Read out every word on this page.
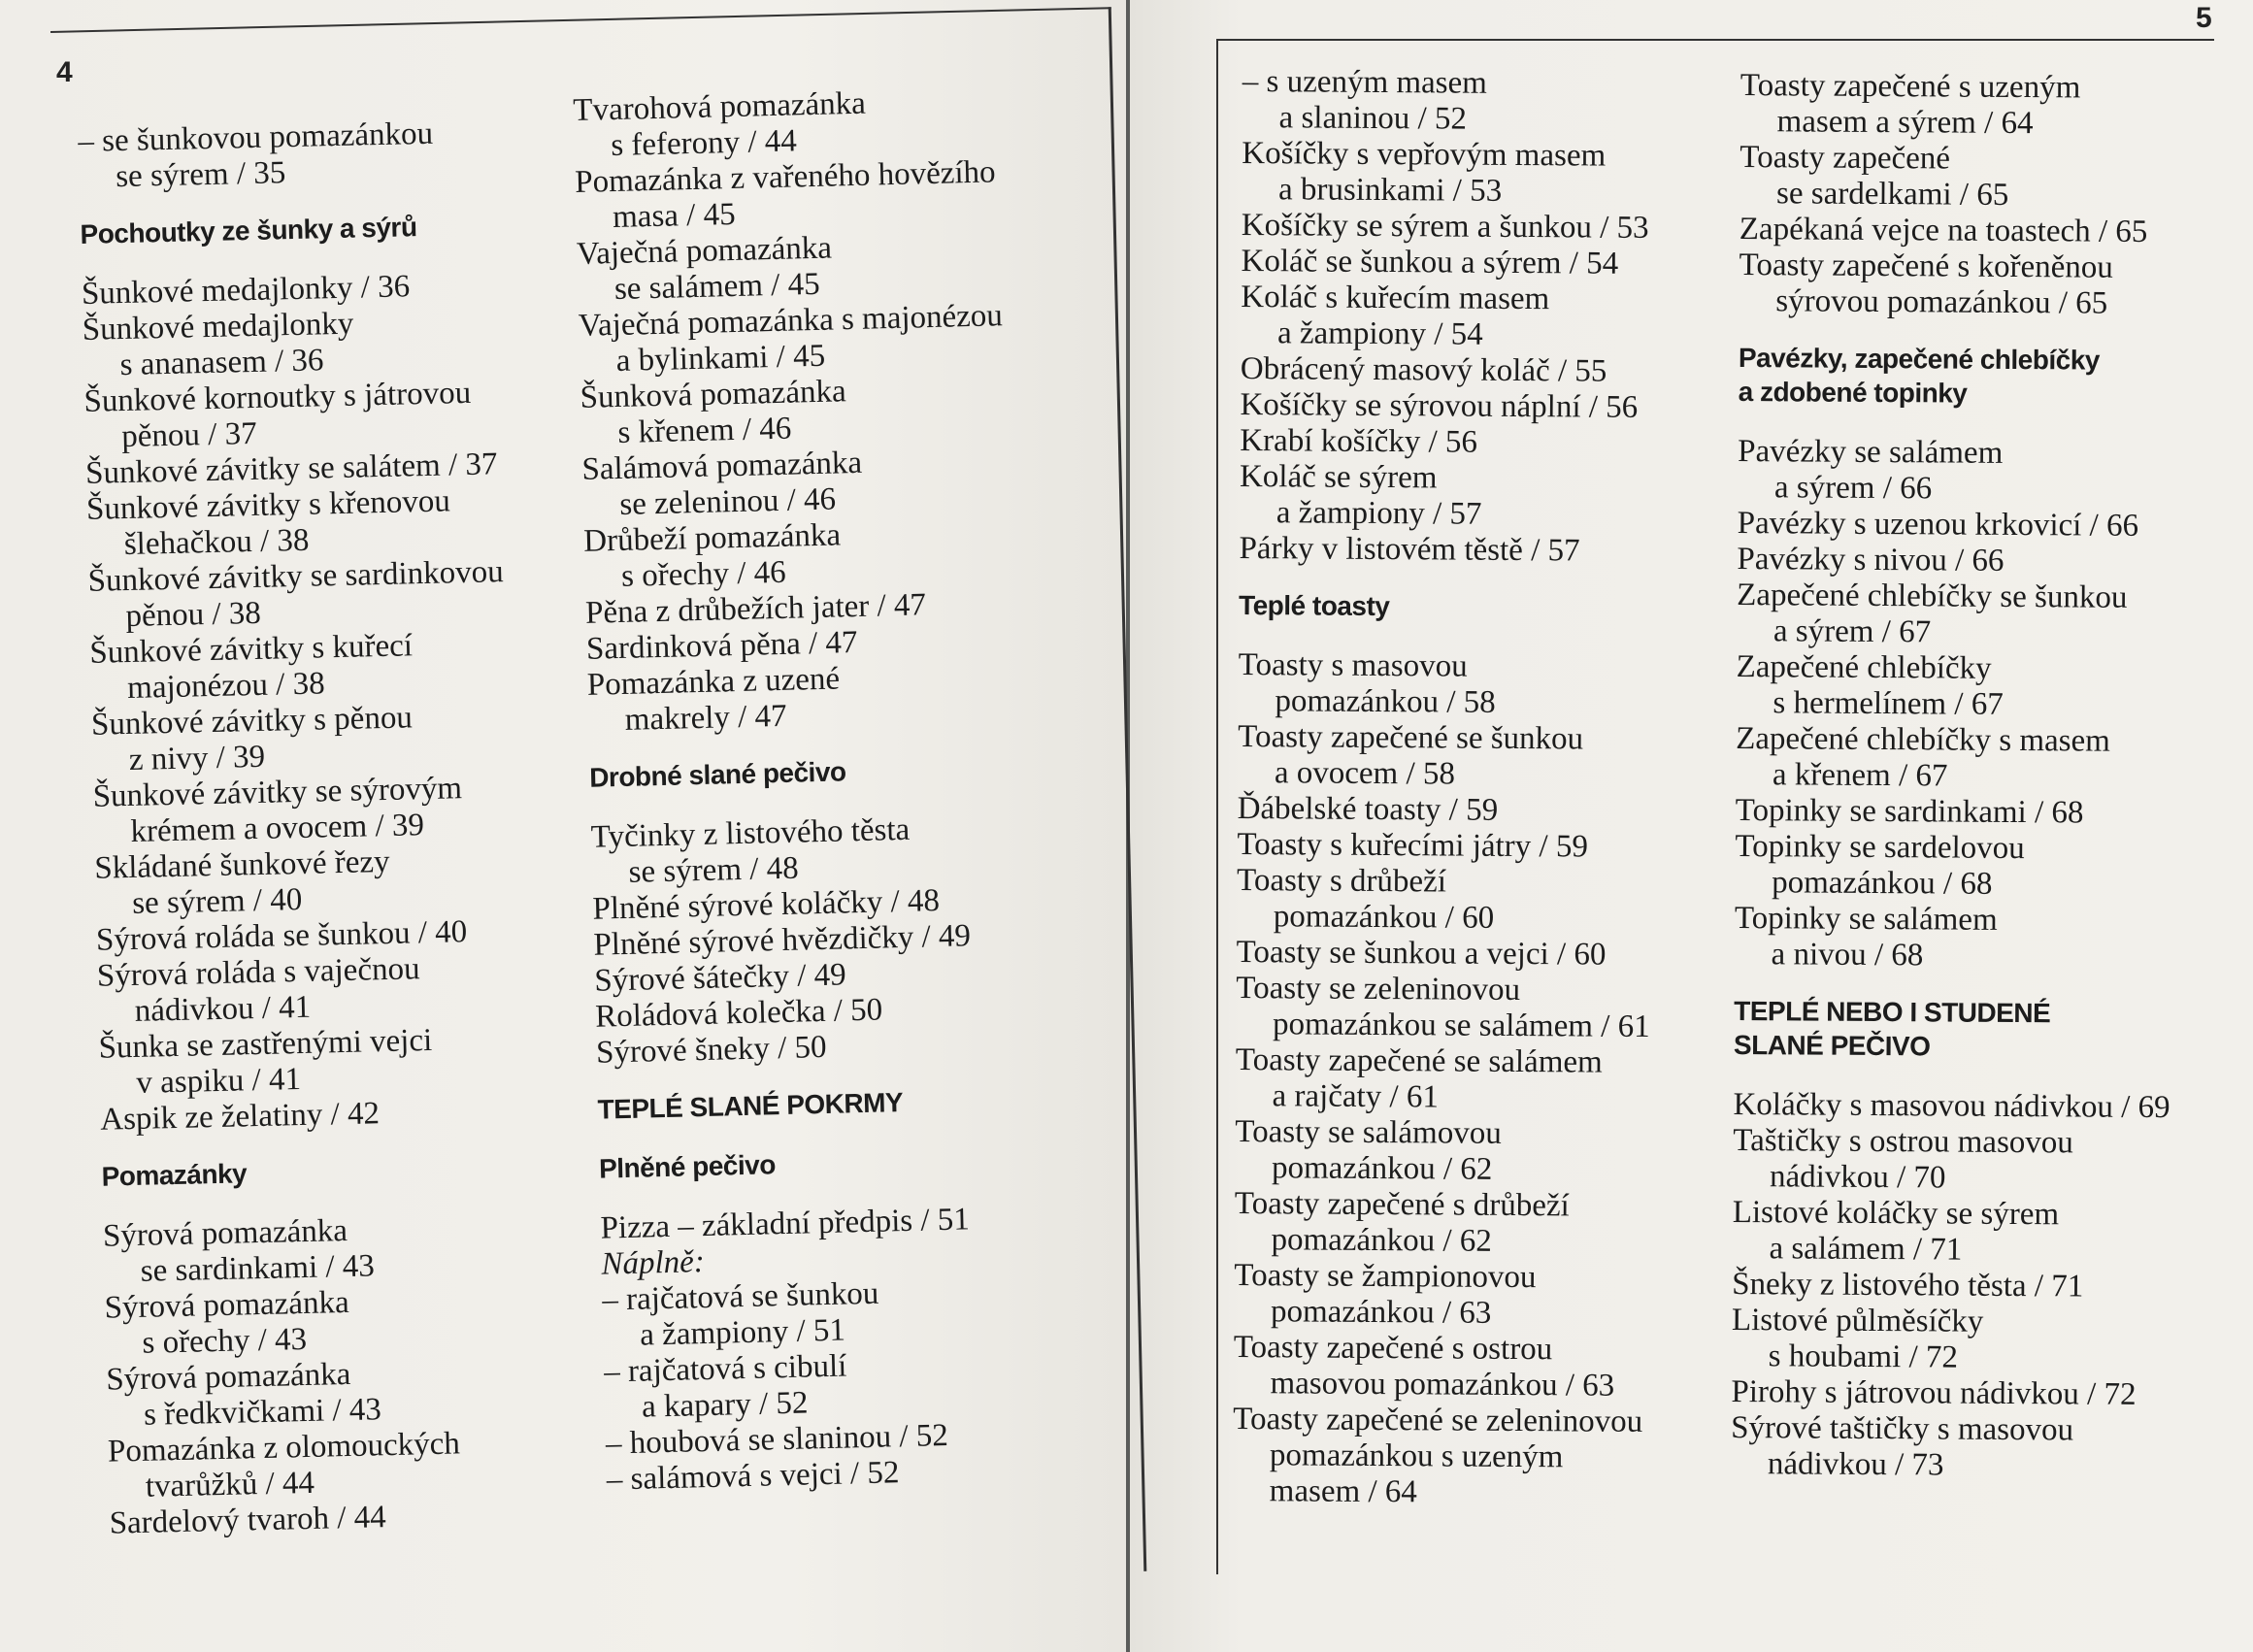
4
5
– se šunkovou pomazánkou
se sýrem / 35
Pochoutky ze šunky a sýrů
Šunkové medajlonky / 36
Šunkové medajlonky
s ananasem / 36
Šunkové kornoutky s játrovou
pěnou / 37
Šunkové závitky se salátem / 37
Šunkové závitky s křenovou
šlehačkou / 38
Šunkové závitky se sardinkovou
pěnou / 38
Šunkové závitky s kuřecí
majonézou / 38
Šunkové závitky s pěnou
z nivy / 39
Šunkové závitky se sýrovým
krémem a ovocem / 39
Skládané šunkové řezy
se sýrem / 40
Sýrová roláda se šunkou / 40
Sýrová roláda s vaječnou
nádivkou / 41
Šunka se zastřenými vejci
v aspiku / 41
Aspik ze želatiny / 42
Pomazánky
Sýrová pomazánka
se sardinkami / 43
Sýrová pomazánka
s ořechy / 43
Sýrová pomazánka
s ředkvičkami / 43
Pomazánka z olomouckých
tvarůžků / 44
Sardelový tvaroh / 44
Tvarohová pomazánka
s feferony / 44
Pomazánka z vařeného hovězího
masa / 45
Vaječná pomazánka
se salámem / 45
Vaječná pomazánka s majonézou
a bylinkami / 45
Šunková pomazánka
s křenem / 46
Salámová pomazánka
se zeleninou / 46
Drůbeží pomazánka
s ořechy / 46
Pěna z drůbežích jater / 47
Sardinková pěna / 47
Pomazánka z uzené
makrely / 47
Drobné slané pečivo
Tyčinky z listového těsta
se sýrem / 48
Plněné sýrové koláčky / 48
Plněné sýrové hvězdičky / 49
Sýrové šátečky / 49
Roládová kolečka / 50
Sýrové šneky / 50
TEPLÉ SLANÉ POKRMY
Plněné pečivo
Pizza – základní předpis / 51
Náplně:
– rajčatová se šunkou
a žampiony / 51
– rajčatová s cibulí
a kapary / 52
– houbová se slaninou / 52
– salámová s vejci / 52
– s uzeným masem
a slaninou / 52
Košíčky s vepřovým masem
a brusinkami / 53
Košíčky se sýrem a šunkou / 53
Koláč se šunkou a sýrem / 54
Koláč s kuřecím masem
a žampiony / 54
Obrácený masový koláč / 55
Košíčky se sýrovou náplní / 56
Krabí košíčky / 56
Koláč se sýrem
a žampiony / 57
Párky v listovém těstě / 57
Teplé toasty
Toasty s masovou
pomazánkou / 58
Toasty zapečené se šunkou
a ovocem / 58
Ďábelské toasty / 59
Toasty s kuřecími játry / 59
Toasty s drůbeží
pomazánkou / 60
Toasty se šunkou a vejci / 60
Toasty se zeleninovou
pomazánkou se salámem / 61
Toasty zapečené se salámem
a rajčaty / 61
Toasty se salámovou
pomazánkou / 62
Toasty zapečené s drůbeží
pomazánkou / 62
Toasty se žampionovou
pomazánkou / 63
Toasty zapečené s ostrou
masovou pomazánkou / 63
Toasty zapečené se zeleninovou
pomazánkou s uzeným
masem / 64
Toasty zapečené s uzeným
masem a sýrem / 64
Toasty zapečené
se sardelkami / 65
Zapékaná vejce na toastech / 65
Toasty zapečené s kořeněnou
sýrovou pomazánkou / 65
Pavézky, zapečené chlebíčky
a zdobené topinky
Pavézky se salámem
a sýrem / 66
Pavézky s uzenou krkovicí / 66
Pavézky s nivou / 66
Zapečené chlebíčky se šunkou
a sýrem / 67
Zapečené chlebíčky
s hermelínem / 67
Zapečené chlebíčky s masem
a křenem / 67
Topinky se sardinkami / 68
Topinky se sardelovou
pomazánkou / 68
Topinky se salámem
a nivou / 68
TEPLÉ NEBO I STUDENÉ
SLANÉ PEČIVO
Koláčky s masovou nádivkou / 69
Taštičky s ostrou masovou
nádivkou / 70
Listové koláčky se sýrem
a salámem / 71
Šneky z listového těsta / 71
Listové půlměsíčky
s houbami / 72
Pirohy s játrovou nádivkou / 72
Sýrové taštičky s masovou
nádivkou / 73
